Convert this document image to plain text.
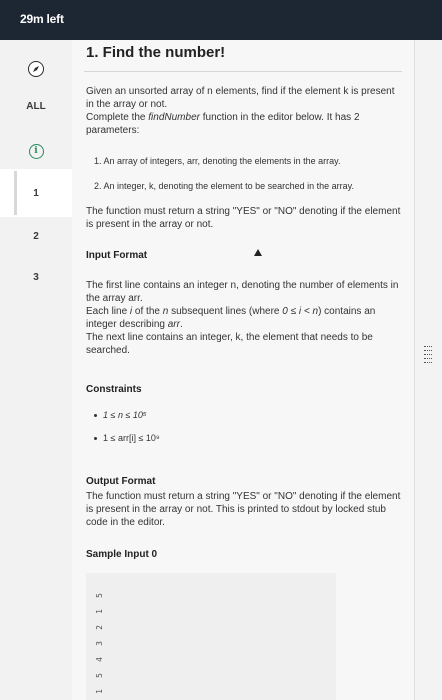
29m left
ALL
i
1
2
3
1. Find the number!
Given an unsorted array of n elements, find if the element k is present in the array or not.
Complete the findNumber function in the editor below. It has 2 parameters:
1. An array of integers, arr, denoting the elements in the array.
2. An integer, k, denoting the element to be searched in the array.
The function must return a string "YES" or "NO" denoting if the element is present in the array or not.
Input Format
The first line contains an integer n, denoting the number of elements in the array arr.
Each line i of the n subsequent lines (where 0 ≤ i < n) contains an integer describing arr.
The next line contains an integer, k, the element that needs to be searched.
Constraints
1 ≤ n ≤ 10⁵
1 ≤ arr[i] ≤ 10⁹
Output Format
The function must return a string "YES" or "NO" denoting if the element is present in the array or not. This is printed to stdout by locked stub code in the editor.
Sample Input 0
5
1
2
3
4
5
1
